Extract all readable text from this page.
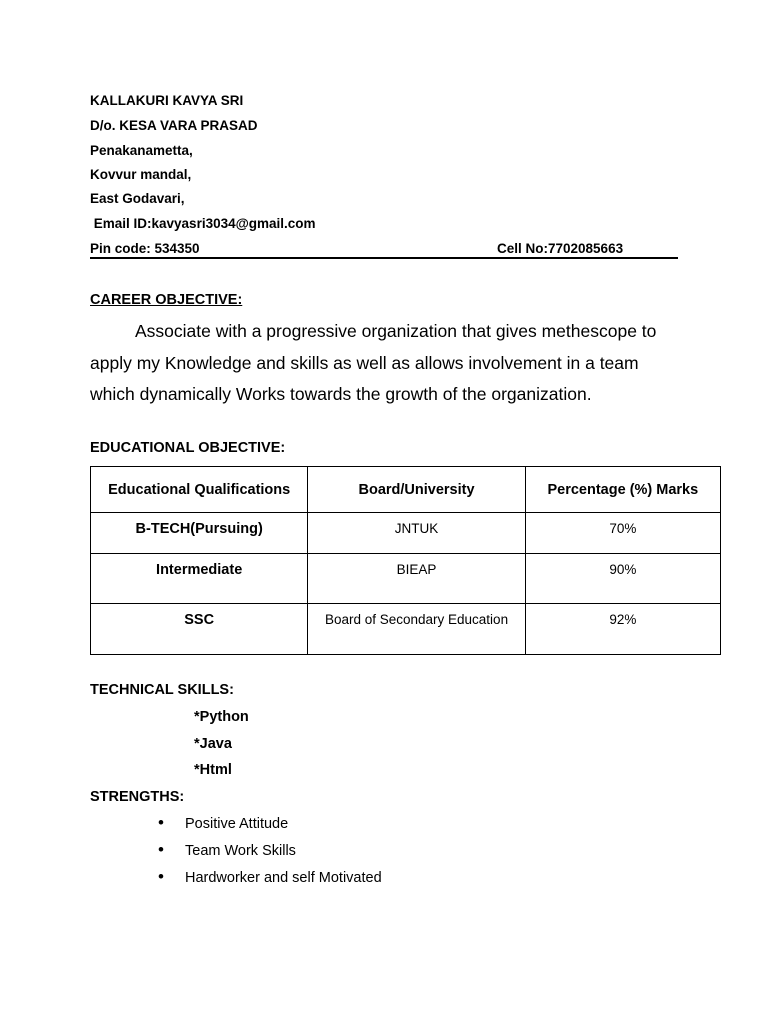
KALLAKURI KAVYA SRI
D/o. KESA VARA PRASAD
Penakanametta,
Kovvur mandal,
East Godavari,
Email ID:kavyasri3034@gmail.com
Pin code: 534350	Cell No:7702085663
CAREER OBJECTIVE:
Associate with a progressive organization that gives methescope to apply my Knowledge and skills as well as allows involvement in a team which dynamically Works towards the growth of the organization.
EDUCATIONAL OBJECTIVE:
Educational Qualifications	Board/University	Percentage (%) Marks
B-TECH(Pursuing)	JNTUK	70%
Intermediate	BIEAP	90%
SSC	Board of Secondary Education	92%
TECHNICAL SKILLS:
*Python
*Java
*Html
STRENGTHS:
• Positive Attitude
• Team Work Skills
• Hardworker and self Motivated
